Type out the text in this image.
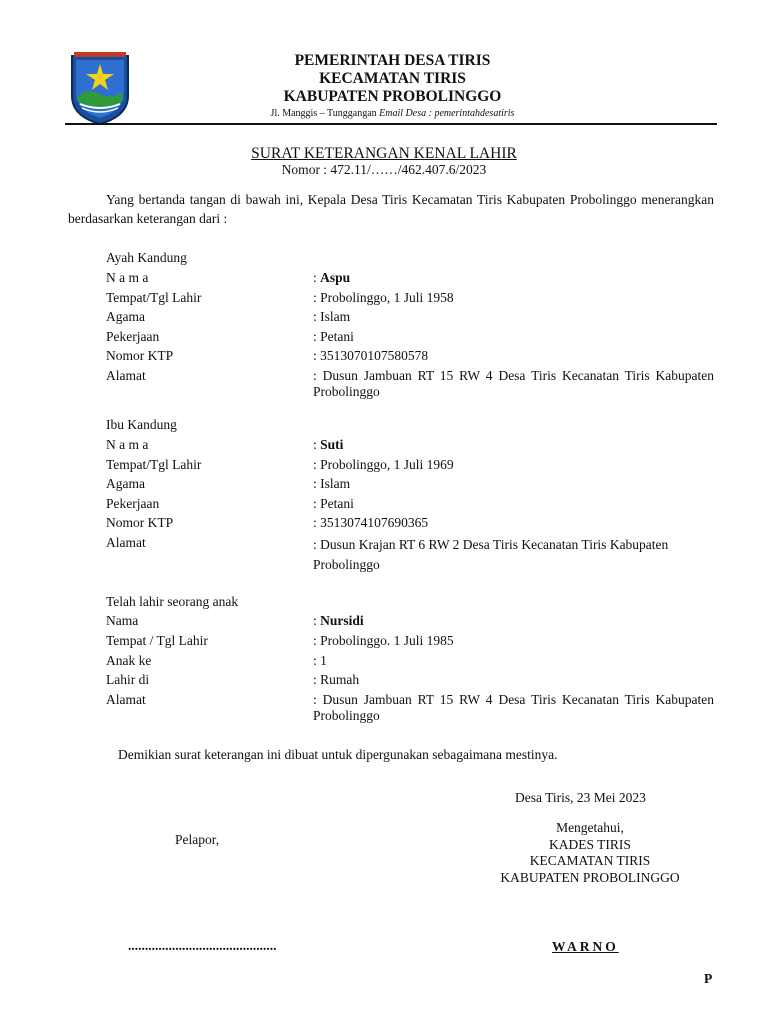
PEMERINTAH DESA TIRIS
KECAMATAN TIRIS
KABUPATEN PROBOLINGGO
Jl. Manggis – Tunggangan Email Desa : pemerintahdesatiris
SURAT KETERANGAN KENAL LAHIR
Nomor : 472.11/……/462.407.6/2023
Yang bertanda tangan di bawah ini, Kepala Desa Tiris Kecamatan Tiris Kabupaten Probolinggo menerangkan berdasarkan keterangan dari :
Ayah Kandung
N a m a
Tempat/Tgl Lahir
Agama
Pekerjaan
Nomor KTP
Alamat
: Aspu
: Probolinggo, 1 Juli 1958
: Islam
: Petani
: 3513070107580578
: Dusun Jambuan RT 15 RW 4 Desa Tiris Kecanatan Tiris Kabupaten Probolinggo
Ibu Kandung
N a m a
Tempat/Tgl Lahir
Agama
Pekerjaan
Nomor KTP
Alamat
: Suti
: Probolinggo, 1 Juli 1969
: Islam
: Petani
: 3513074107690365
: Dusun Krajan RT 6 RW 2 Desa Tiris Kecanatan Tiris Kabupaten Probolinggo
Telah lahir seorang anak
Nama
Tempat / Tgl Lahir
Anak ke
Lahir di
Alamat
: Nursidi
: Probolinggo. 1 Juli 1985
: 1
: Rumah
: Dusun Jambuan RT 15 RW 4 Desa Tiris Kecanatan Tiris Kabupaten Probolinggo
Demikian surat keterangan ini dibuat untuk dipergunakan sebagaimana mestinya.
Desa Tiris, 23 Mei 2023
Mengetahui,
KADES TIRIS
KECAMATAN TIRIS
KABUPATEN PROBOLINGGO
Pelapor,
............................................	WARNO
P
